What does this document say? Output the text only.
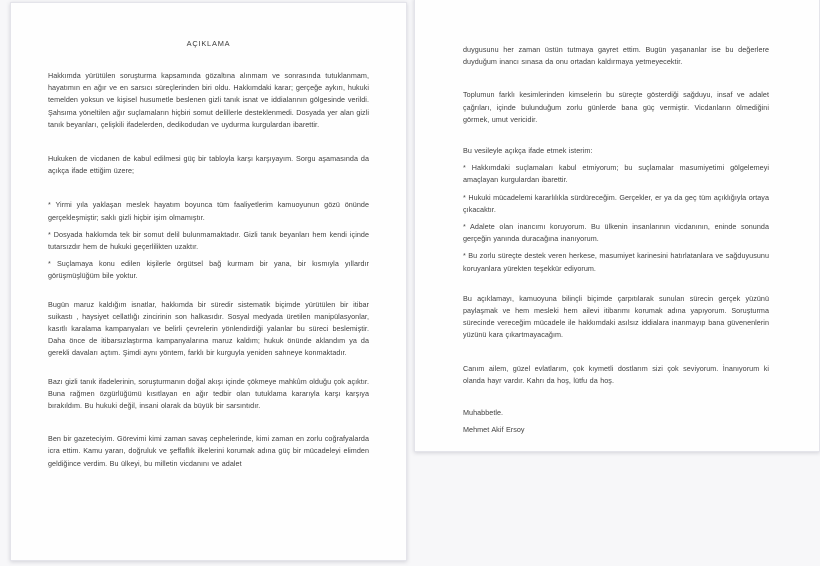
AÇIKLAMA

Hakkımda yürütülen soruşturma kapsamında gözaltına alınmam ve sonrasında tutuklanmam, hayatımın en ağır ve en sarsıcı süreçlerinden biri oldu. Hakkımdaki karar; gerçeğe aykırı, hukuki temelden yoksun ve kişisel husumetle beslenen gizli tanık isnat ve iddialarının gölgesinde verildi. Şahsıma yöneltilen ağır suçlamaların hiçbiri somut delillerle desteklenmedi. Dosyada yer alan gizli tanık beyanları, çelişkili ifadelerden, dedikodudan ve uydurma kurgulardan ibarettir.

Hukuken de vicdanen de kabul edilmesi güç bir tabloyla karşı karşıyayım. Sorgu aşamasında da açıkça ifade ettiğim üzere;

* Yirmi yıla yaklaşan meslek hayatım boyunca tüm faaliyetlerim kamuoyunun gözü önünde gerçekleşmiştir; saklı gizli hiçbir işim olmamıştır.

* Dosyada hakkımda tek bir somut delil bulunmamaktadır. Gizli tanık beyanları hem kendi içinde tutarsızdır hem de hukuki geçerlilikten uzaktır.

* Suçlamaya konu edilen kişilerle örgütsel bağ kurmam bir yana, bir kısmıyla yıllardır görüşmüşlüğüm bile yoktur.

Bugün maruz kaldığım isnatlar, hakkımda bir süredir sistematik biçimde yürütülen bir itibar suikastı , haysiyet cellatlığı zincirinin son halkasıdır. Sosyal medyada üretilen manipülasyonlar, kasıtlı karalama kampanyaları ve belirli çevrelerin yönlendirdiği yalanlar bu süreci beslemiştir. Daha önce de itibarsızlaştırma kampanyalarına maruz kaldım; hukuk önünde aklandım ya da gerekli davaları açtım. Şimdi aynı yöntem, farklı bir kurguyla yeniden sahneye konmaktadır.

Bazı gizli tanık ifadelerinin, soruşturmanın doğal akışı içinde çökmeye mahkûm olduğu çok açıktır. Buna rağmen özgürlüğümü kısıtlayan en ağır tedbir olan tutuklama kararıyla karşı karşıya bırakıldım. Bu hukuki değil, insani olarak da büyük bir sarsıntıdır.

Ben bir gazeteciyim. Görevimi kimi zaman savaş cephelerinde, kimi zaman en zorlu coğrafyalarda icra ettim. Kamu yararı, doğruluk ve şeffaflık ilkelerini korumak adına güç bir mücadeleyi elimden geldiğince verdim. Bu ülkeyi, bu milletin vicdanını ve adalet

duygusunu her zaman üstün tutmaya gayret ettim. Bugün yaşananlar ise bu değerlere duyduğum inancı sınasa da onu ortadan kaldırmaya yetmeyecektir.

Toplumun farklı kesimlerinden kimselerin bu süreçte gösterdiği sağduyu, insaf ve adalet çağrıları, içinde bulunduğum zorlu günlerde bana güç vermiştir. Vicdanların ölmediğini görmek, umut vericidir.

Bu vesileyle açıkça ifade etmek isterim:

* Hakkımdaki suçlamaları kabul etmiyorum; bu suçlamalar masumiyetimi gölgelemeyi amaçlayan kurgulardan ibarettir.

* Hukuki mücadelemi kararlılıkla sürdüreceğim. Gerçekler, er ya da geç tüm açıklığıyla ortaya çıkacaktır.

* Adalete olan inancımı koruyorum. Bu ülkenin insanlarının vicdanının, eninde sonunda gerçeğin yanında duracağına inanıyorum.

* Bu zorlu süreçte destek veren herkese, masumiyet karinesini hatırlatanlara ve sağduyusunu koruyanlara yürekten teşekkür ediyorum.

Bu açıklamayı, kamuoyuna bilinçli biçimde çarpıtılarak sunulan sürecin gerçek yüzünü paylaşmak ve hem mesleki hem ailevi itibarımı korumak adına yapıyorum. Soruşturma sürecinde vereceğim mücadele ile hakkımdaki asılsız iddialara inanmayıp bana güvenenlerin yüzünü kara çıkartmayacağım.

Canım ailem, güzel evlatlarım, çok kıymetli dostlarım sizi çok seviyorum. İnanıyorum ki olanda hayr vardır. Kahrı da hoş, lütfu da hoş.

Muhabbetle.

Mehmet Akif Ersoy
